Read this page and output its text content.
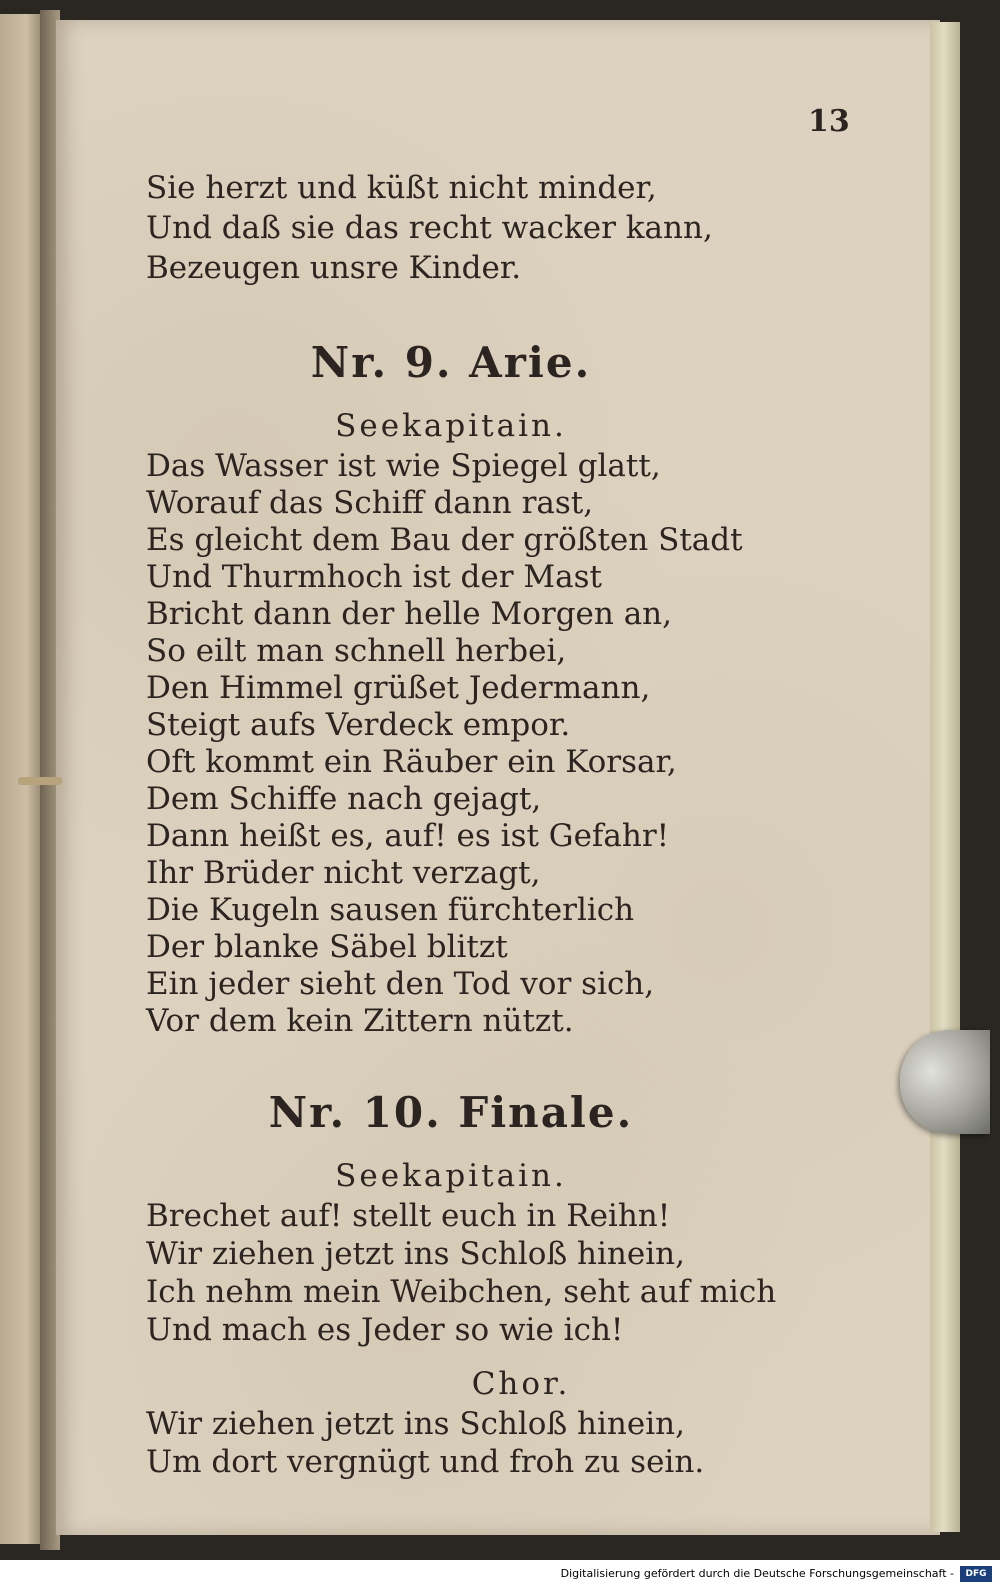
13
Sie herzt und küßt nicht minder,
Und daß sie das recht wacker kann,
Bezeugen unsre Kinder.
Nr. 9. Arie.
Seekapitain.
Das Wasser ist wie Spiegel glatt,
Worauf das Schiff dann rast,
Es gleicht dem Bau der größten Stadt
Und Thurmhoch ist der Mast
Bricht dann der helle Morgen an,
So eilt man schnell herbei,
Den Himmel grüßet Jedermann,
Steigt aufs Verdeck empor.
Oft kommt ein Räuber ein Korsar,
Dem Schiffe nach gejagt,
Dann heißt es, auf! es ist Gefahr!
Ihr Brüder nicht verzagt,
Die Kugeln sausen fürchterlich
Der blanke Säbel blitzt
Ein jeder sieht den Tod vor sich,
Vor dem kein Zittern nützt.
Nr. 10. Finale.
Seekapitain.
Brechet auf! stellt euch in Reihn!
Wir ziehen jetzt ins Schloß hinein,
Ich nehm mein Weibchen, seht auf mich
Und mach es Jeder so wie ich!
Chor.
Wir ziehen jetzt ins Schloß hinein,
Um dort vergnügt und froh zu sein.
Digitalisierung gefördert durch die Deutsche Forschungsgemeinschaft -	DFG
